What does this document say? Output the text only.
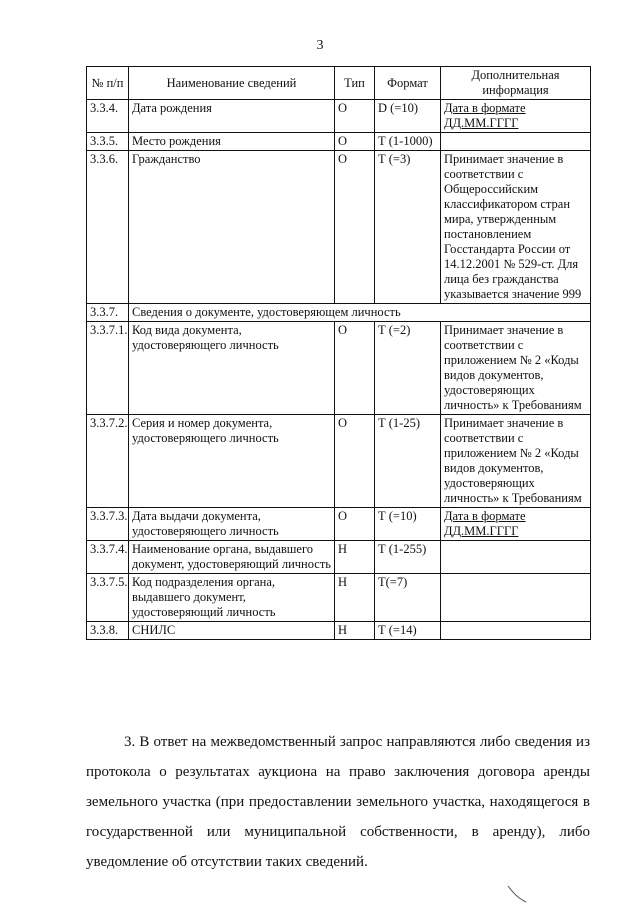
3
№ п/п	Наименование сведений	Тип	Формат	Дополнительная информация
3.3.4.	Дата рождения	О	D (=10)	Дата в формате ДД.ММ.ГГГГ
3.3.5.	Место рождения	О	Т (1-1000)	
3.3.6.	Гражданство	О	Т (=3)	Принимает значение в соответствии с Общероссийским классификатором стран мира, утвержденным постановлением Госстандарта России от 14.12.2001 № 529-ст. Для лица без гражданства указывается значение 999
3.3.7.	Сведения о документе, удостоверяющем личность			
3.3.7.1.	Код вида документа, удостоверяющего личность	О	Т (=2)	Принимает значение в соответствии с приложением № 2 «Коды видов документов, удостоверяющих личность» к Требованиям
3.3.7.2.	Серия и номер документа, удостоверяющего личность	О	Т (1-25)	Принимает значение в соответствии с приложением № 2 «Коды видов документов, удостоверяющих личность» к Требованиям
3.3.7.3.	Дата выдачи документа, удостоверяющего личность	О	Т (=10)	Дата в формате ДД.ММ.ГГГГ
3.3.7.4.	Наименование органа, выдавшего документ, удостоверяющий личность	Н	Т (1-255)	
3.3.7.5.	Код подразделения органа, выдавшего документ, удостоверяющий личность	Н	Т(=7)	
3.3.8.	СНИЛС	Н	Т (=14)	

3. В ответ на межведомственный запрос направляются либо сведения из протокола о результатах аукциона на право заключения договора аренды земельного участка (при предоставлении земельного участка, находящегося в государственной или муниципальной собственности, в аренду), либо уведомление об отсутствии таких сведений.
